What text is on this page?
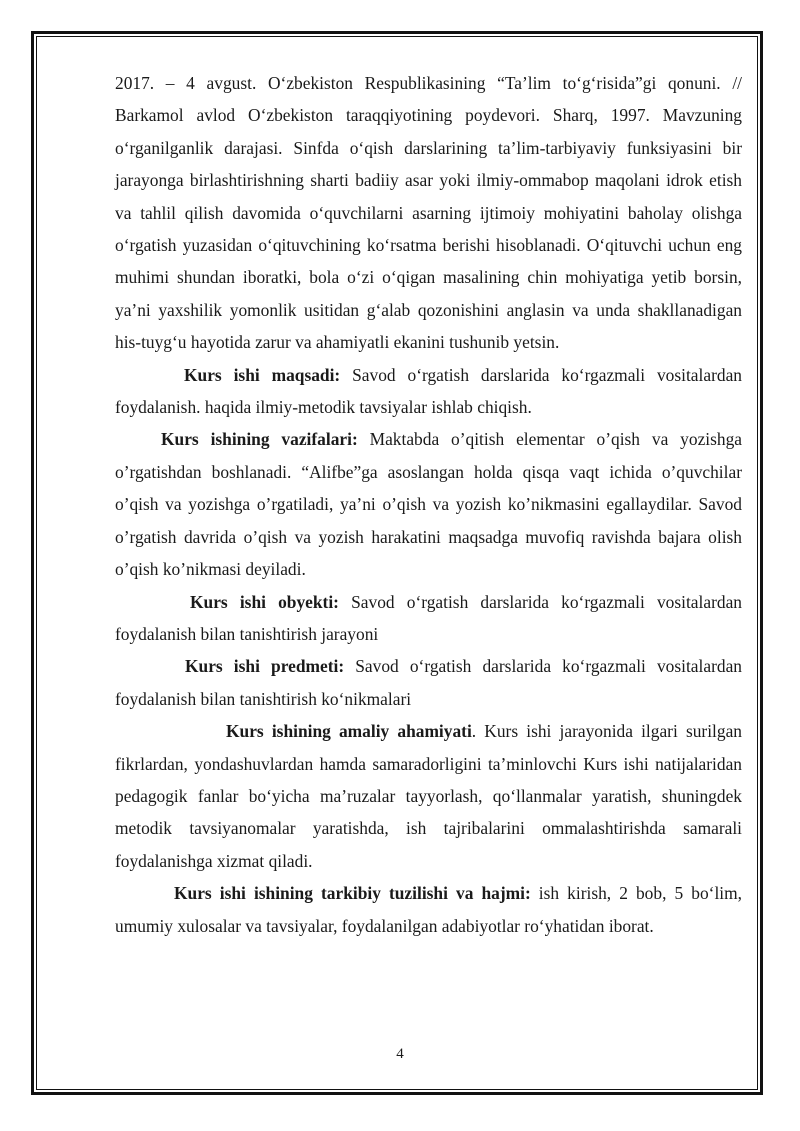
2017. – 4 avgust. O‘zbekiston Respublikasining “Ta’lim to‘g‘risida”gi qonuni. // Barkamol avlod O‘zbekiston taraqqiyotining poydevori. Sharq, 1997. Mavzuning o‘rganilganlik darajasi. Sinfda o‘qish darslarining ta’lim-tarbiyaviy funksiyasini bir jarayonga birlashtirishning sharti badiiy asar yoki ilmiy-ommabop maqolani idrok etish va tahlil qilish davomida o‘quvchilarni asarning ijtimoiy mohiyatini baholay olishga o‘rgatish yuzasidan o‘qituvchining ko‘rsatma berishi hisoblanadi. O‘qituvchi uchun eng muhimi shundan iboratki, bola o‘zi o‘qigan masalining chin mohiyatiga yetib borsin, ya’ni yaxshilik yomonlik usitidan g‘alab qozonishini anglasin va unda shakllanadigan his-tuyg‘u hayotida zarur va ahamiyatli ekanini tushunib yetsin.

Kurs ishi maqsadi: Savod o‘rgatish darslarida ko‘rgazmali vositalardan foydalanish. haqida ilmiy-metodik tavsiyalar ishlab chiqish.

Kurs ishining vazifalari: Maktabda o’qitish elementar o’qish va yozishga o’rgatishdan boshlanadi. “Alifbe”ga asoslangan holda qisqa vaqt ichida o’quvchilar o’qish va yozishga o’rgatiladi, ya’ni o’qish va yozish ko’nikmasini egallaydilar. Savod o’rgatish davrida o’qish va yozish harakatini maqsadga muvofiq ravishda bajara olish o’qish ko’nikmasi deyiladi.

Kurs ishi obyekti: Savod o‘rgatish darslarida ko‘rgazmali vositalardan foydalanish bilan tanishtirish jarayoni

Kurs ishi predmeti: Savod o‘rgatish darslarida ko‘rgazmali vositalardan foydalanish bilan tanishtirish ko‘nikmalari

Kurs ishining amaliy ahamiyati. Kurs ishi jarayonida ilgari surilgan fikrlardan, yondashuvlardan hamda samaradorligini ta’minlovchi Kurs ishi natijalaridan pedagogik fanlar bo‘yicha ma’ruzalar tayyorlash, qo‘llanmalar yaratish, shuningdek metodik tavsiyanomalar yaratishda, ish tajribalarini ommalashtirishda samarali foydalanishga xizmat qiladi.

Kurs ishi ishining tarkibiy tuzilishi va hajmi: ish kirish, 2 bob, 5 bo‘lim, umumiy xulosalar va tavsiyalar, foydalanilgan adabiyotlar ro‘yhatidan iborat.

4
